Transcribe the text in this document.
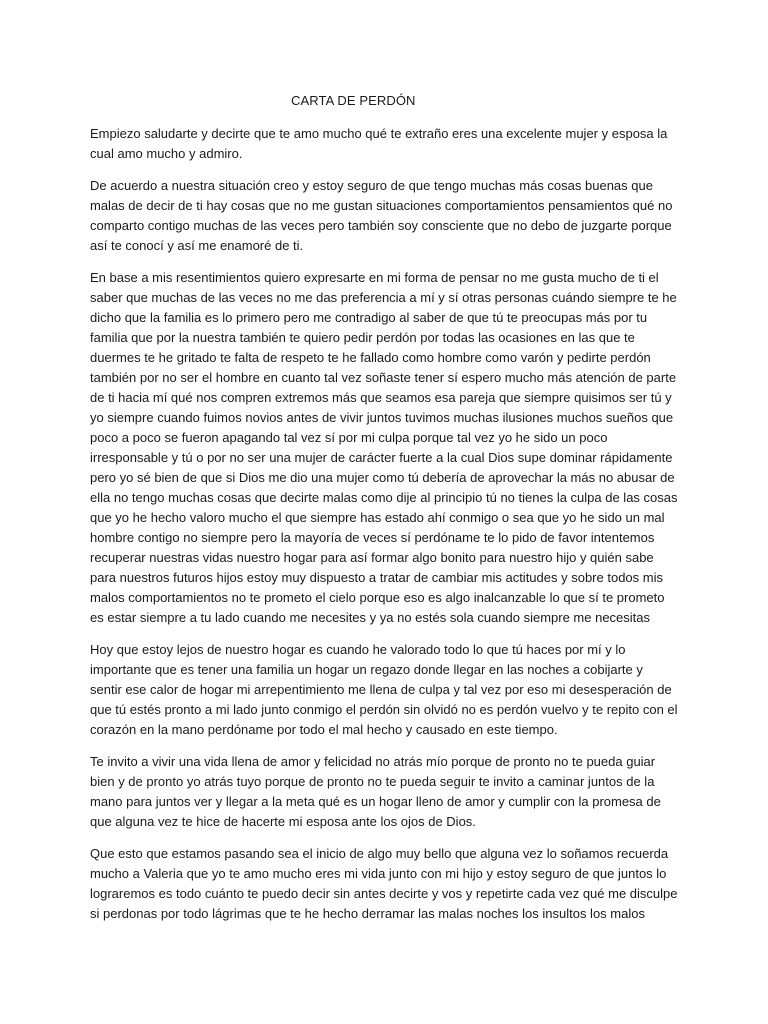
CARTA DE PERDÓN

Empiezo saludarte y decirte que te amo mucho qué te extraño eres una excelente mujer y esposa la cual amo mucho y admiro.

De acuerdo a nuestra situación creo y estoy seguro de que tengo muchas más cosas buenas que malas de decir de ti hay cosas que no me gustan situaciones comportamientos pensamientos qué no comparto contigo muchas de las veces pero también soy consciente que no debo de juzgarte porque así te conocí y así me enamoré de ti.

En base a mis resentimientos quiero expresarte en mi forma de pensar no me gusta mucho de ti el saber que muchas de las veces no me das preferencia a mí y sí otras personas cuándo siempre te he dicho que la familia es lo primero pero me contradigo al saber de que tú te preocupas más por tu familia que por la nuestra también te quiero pedir perdón por todas las ocasiones en las que te duermes te he gritado te falta de respeto te he fallado como hombre como varón y pedirte perdón también por no ser el hombre en cuanto tal vez soñaste tener sí espero mucho más atención de parte de ti hacia mí qué nos compren extremos más que seamos esa pareja que siempre quisimos ser tú y yo siempre cuando fuimos novios antes de vivir juntos tuvimos muchas ilusiones muchos sueños que poco a poco se fueron apagando tal vez sí por mi culpa porque tal vez yo he sido un poco irresponsable y tú o por no ser una mujer de carácter fuerte a la cual Dios supe dominar rápidamente pero yo sé bien de que si Dios me dio una mujer como tú debería de aprovechar la más no abusar de ella no tengo muchas cosas que decirte malas como dije al principio tú no tienes la culpa de las cosas que yo he hecho valoro mucho el que siempre has estado ahí conmigo o sea que yo he sido un mal hombre contigo no siempre pero la mayoría de veces sí perdóname te lo pido de favor intentemos recuperar nuestras vidas nuestro hogar para así formar algo bonito para nuestro hijo y quién sabe para nuestros futuros hijos estoy muy dispuesto a tratar de cambiar mis actitudes y sobre todos mis malos comportamientos no te prometo el cielo porque eso es algo inalcanzable lo que sí te prometo es estar siempre a tu lado cuando me necesites y ya no estés sola cuando siempre me necesitas

Hoy que estoy lejos de nuestro hogar es cuando he valorado todo lo que tú haces por mí y lo importante que es tener una familia un hogar un regazo donde llegar en las noches a cobijarte y sentir ese calor de hogar mi arrepentimiento me llena de culpa y tal vez por eso mi desesperación de que tú estés pronto a mi lado junto conmigo el perdón sin olvidó no es perdón vuelvo y te repito con el corazón en la mano perdóname por todo el mal hecho y causado en este tiempo.

Te invito a vivir una vida llena de amor y felicidad no atrás mío porque de pronto no te pueda guiar bien y de pronto yo atrás tuyo porque de pronto no te pueda seguir te invito a caminar juntos de la mano para juntos ver y llegar a la meta qué es un hogar lleno de amor y cumplir con la promesa de que alguna vez te hice de hacerte mi esposa ante los ojos de Dios.

Que esto que estamos pasando sea el inicio de algo muy bello que alguna vez lo soñamos recuerda mucho a Valeria que yo te amo mucho eres mi vida junto con mi hijo y estoy seguro de que juntos lo lograremos es todo cuánto te puedo decir sin antes decirte y vos y repetirte cada vez qué me disculpe si perdonas por todo lágrimas que te he hecho derramar las malas noches los insultos los malos
